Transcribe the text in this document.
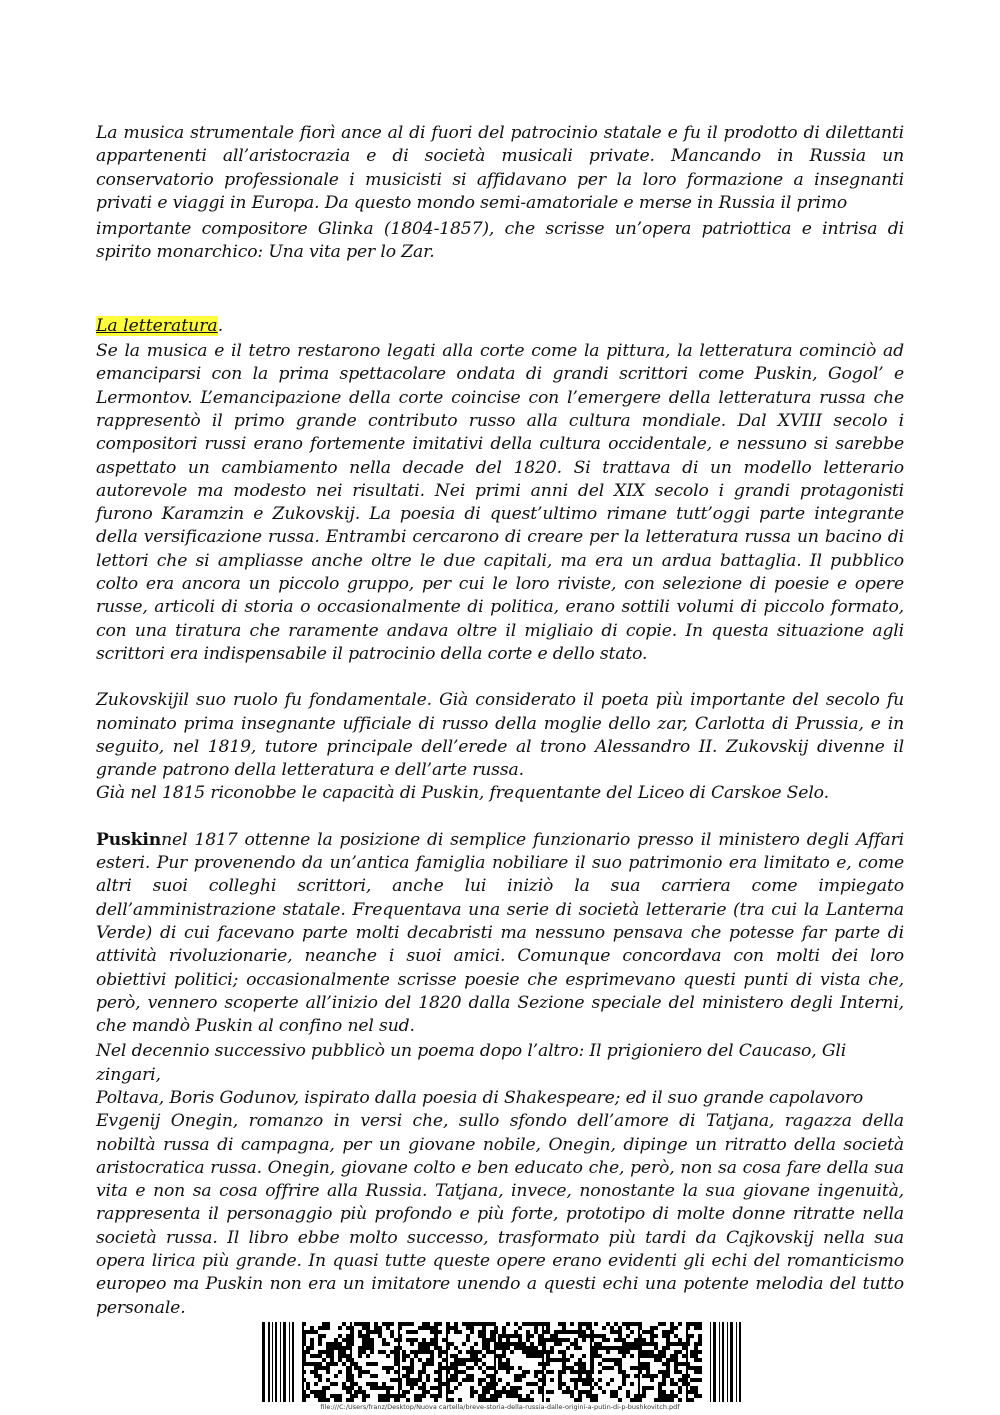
La musica strumentale fiorì ance al di fuori del patrocinio statale e fu il prodotto di dilettanti appartenenti all’aristocrazia e di società musicali private. Mancando in Russia un conservatorio professionale i musicisti si affidavano per la loro formazione a insegnanti privati e viaggi in Europa. Da questo mondo semi-amatoriale e merse in Russia il primo

importante compositore Glinka (1804-1857), che scrisse un’opera patriottica e intrisa di spirito monarchico: Una vita per lo Zar.

La letteratura.

Se la musica e il tetro restarono legati alla corte come la pittura, la letteratura cominciò ad emanciparsi con la prima spettacolare ondata di grandi scrittori come Puskin, Gogol’ e Lermontov. L’emancipazione della corte coincise con l’emergere della letteratura russa che rappresentò il primo grande contributo russo alla cultura mondiale. Dal XVIII secolo i compositori russi erano fortemente imitativi della cultura occidentale, e nessuno si sarebbe aspettato un cambiamento nella decade del 1820. Si trattava di un modello letterario autorevole ma modesto nei risultati. Nei primi anni del XIX secolo i grandi protagonisti furono Karamzin e Zukovskij. La poesia di quest’ultimo rimane tutt’oggi parte integrante della versificazione russa. Entrambi cercarono di creare per la letteratura russa un bacino di lettori che si ampliasse anche oltre le due capitali, ma era un ardua battaglia. Il pubblico colto era ancora un piccolo gruppo, per cui le loro riviste, con selezione di poesie e opere russe, articoli di storia o occasionalmente di politica, erano sottili volumi di piccolo formato, con una tiratura che raramente andava oltre il migliaio di copie. In questa situazione agli scrittori era indispensabile il patrocinio della corte e dello stato.

Zukovskijil suo ruolo fu fondamentale. Già considerato il poeta più importante del secolo fu nominato prima insegnante ufficiale di russo della moglie dello zar, Carlotta di Prussia, e in seguito, nel 1819, tutore principale dell’erede al trono Alessandro II. Zukovskij divenne il grande patrono della letteratura e dell’arte russa.

Già nel 1815 riconobbe le capacità di Puskin, frequentante del Liceo di Carskoe Selo.

Puskinnel 1817 ottenne la posizione di semplice funzionario presso il ministero degli Affari esteri. Pur provenendo da un’antica famiglia nobiliare il suo patrimonio era limitato e, come altri suoi colleghi scrittori, anche lui iniziò la sua carriera come impiegato dell’amministrazione statale. Frequentava una serie di società letterarie (tra cui la Lanterna Verde) di cui facevano parte molti decabristi ma nessuno pensava che potesse far parte di attività rivoluzionarie, neanche i suoi amici. Comunque concordava con molti dei loro obiettivi politici; occasionalmente scrisse poesie che esprimevano questi punti di vista che, però, vennero scoperte all’inizio del 1820 dalla Sezione speciale del ministero degli Interni, che mandò Puskin al confino nel sud.

Nel decennio successivo pubblicò un poema dopo l’altro: Il prigioniero del Caucaso, Gli zingari,

Poltava, Boris Godunov, ispirato dalla poesia di Shakespeare; ed il suo grande capolavoro

Evgenij Onegin, romanzo in versi che, sullo sfondo dell’amore di Tatjana, ragazza della nobiltà russa di campagna, per un giovane nobile, Onegin, dipinge un ritratto della società aristocratica russa. Onegin, giovane colto e ben educato che, però, non sa cosa fare della sua vita e non sa cosa offrire alla Russia. Tatjana, invece, nonostante la sua giovane ingenuità, rappresenta il personaggio più profondo e più forte, prototipo di molte donne ritratte nella società russa. Il libro ebbe molto successo, trasformato più tardi da Cajkovskij nella sua opera lirica più grande. In quasi tutte queste opere erano evidenti gli echi del romanticismo europeo ma Puskin non era un imitatore unendo a questi echi una potente melodia del tutto personale.

file:///C:/Users/franz/Desktop/Nuova cartella/breve-storia-della-russia-dalle-origini-a-putin-di-p-bushkovitch.pdf
